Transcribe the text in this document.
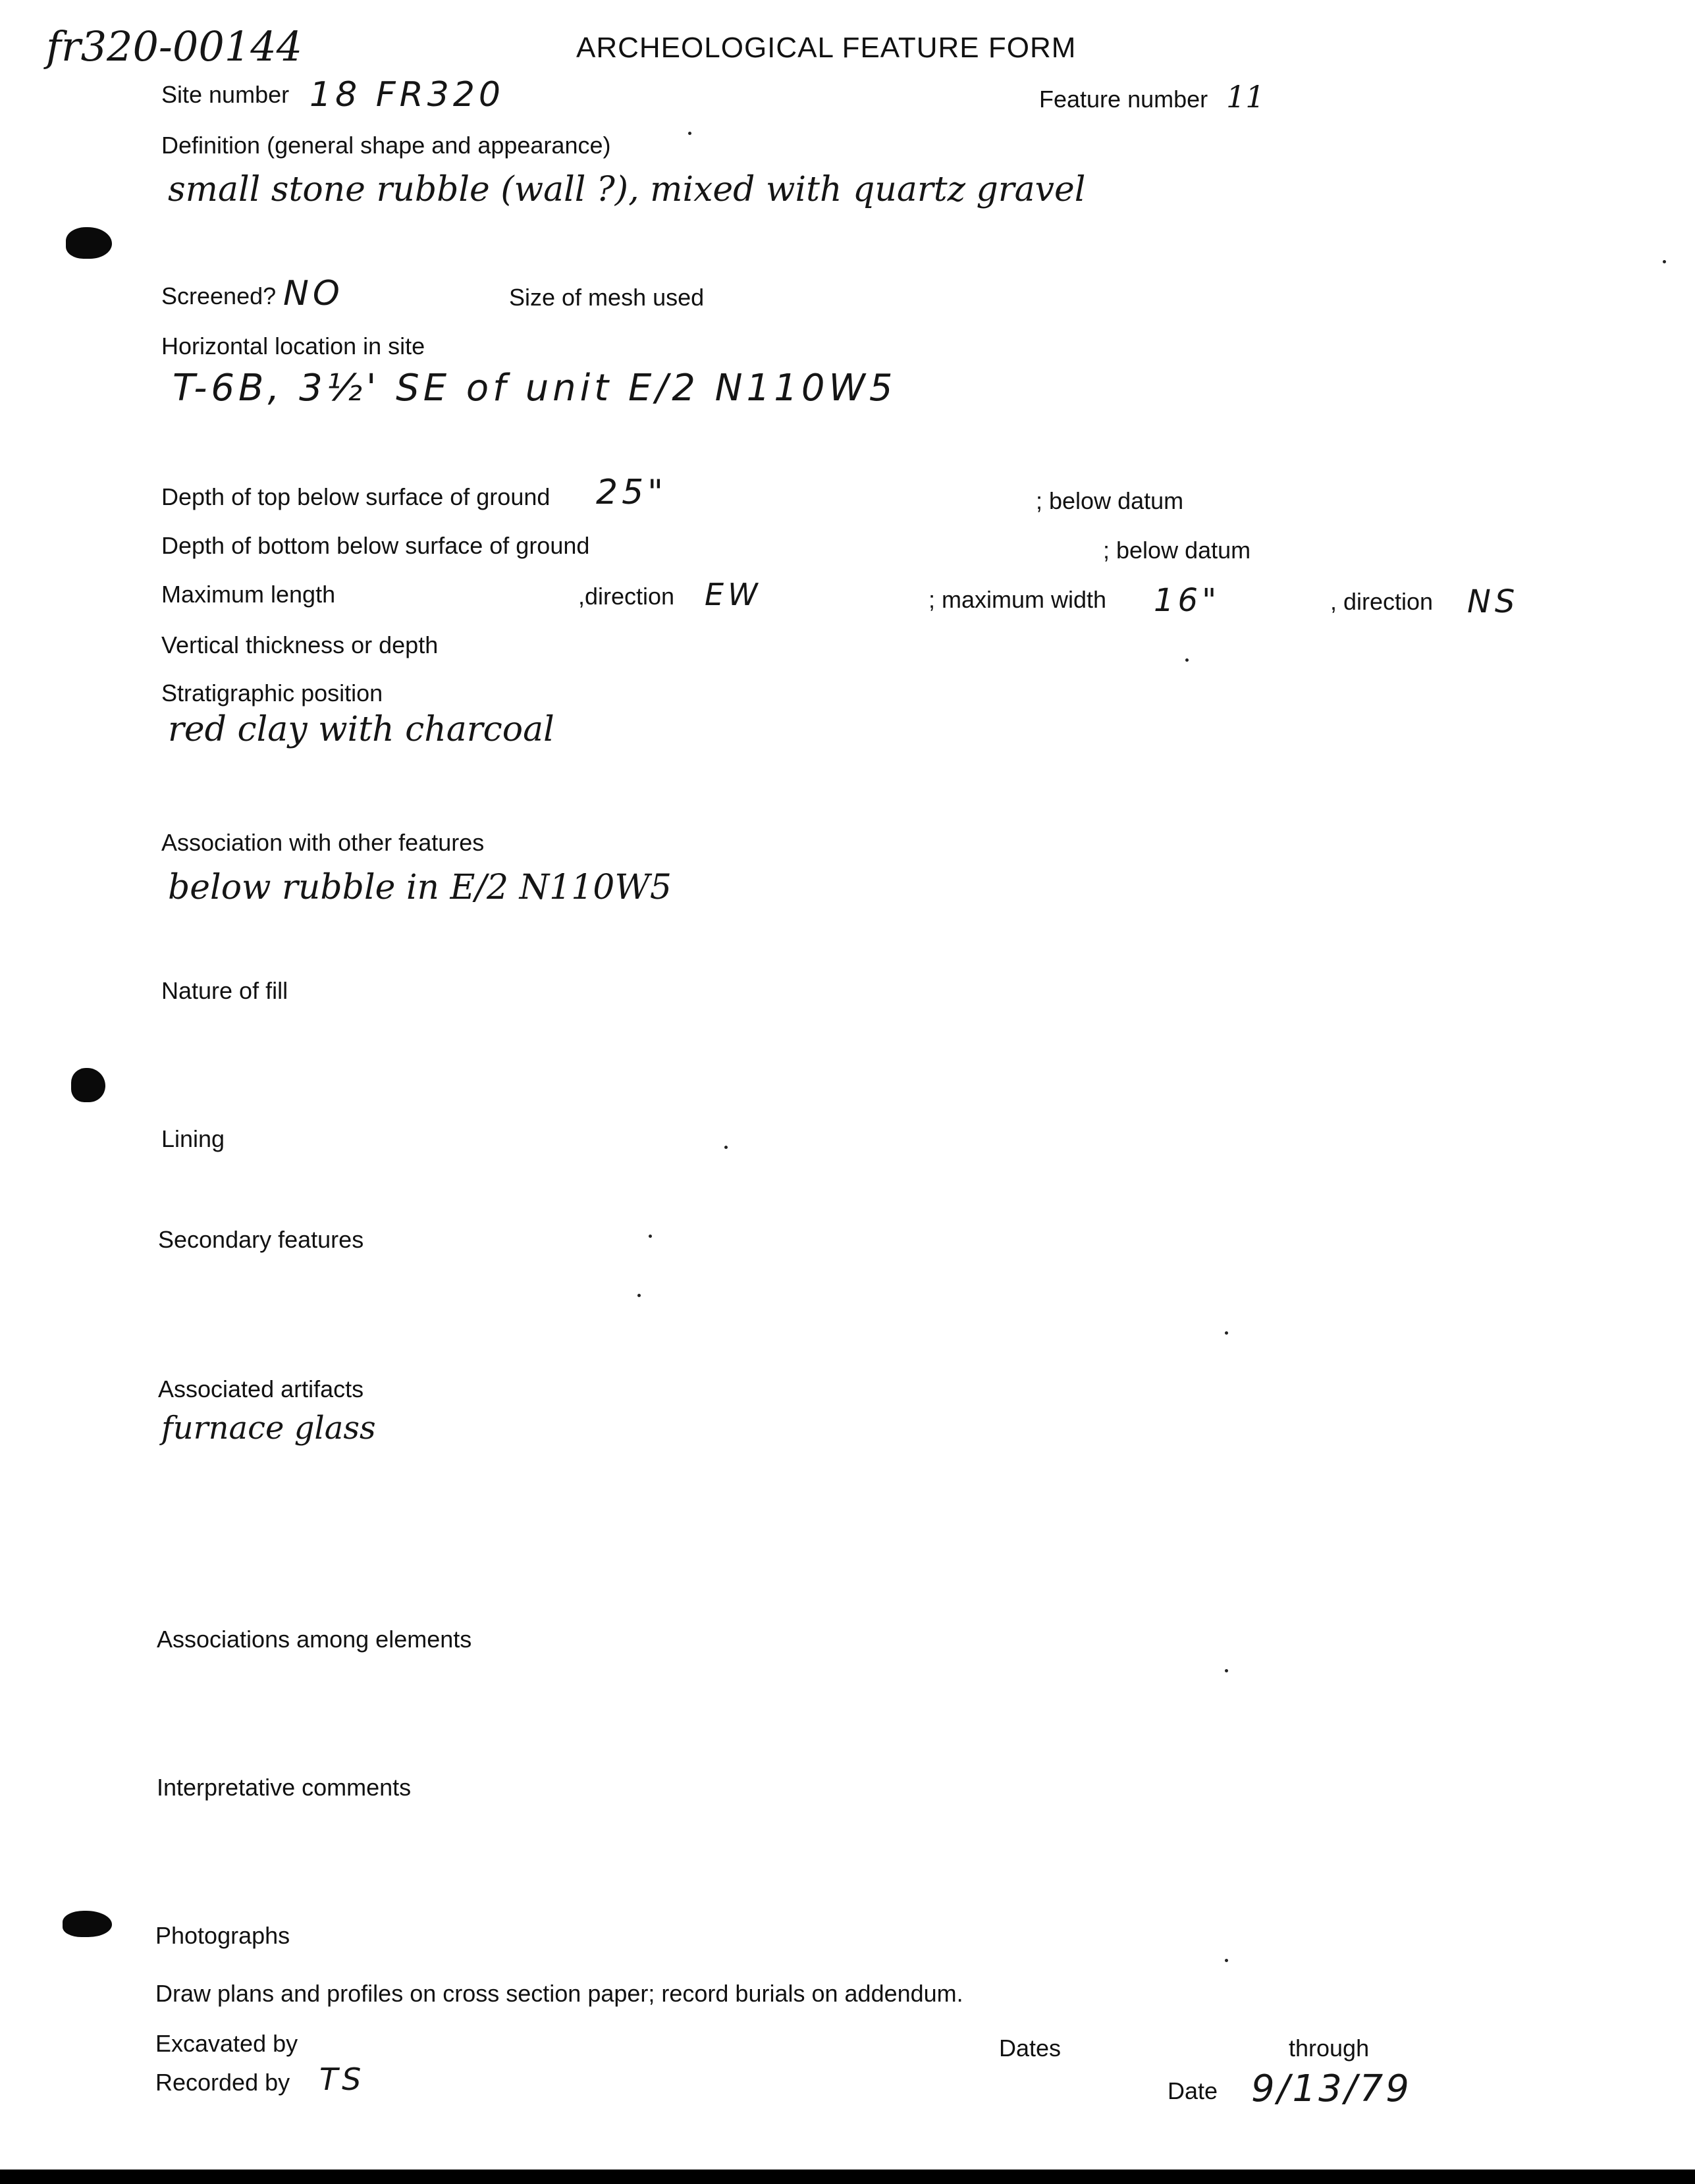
fr320-00144	ARCHEOLOGICAL FEATURE FORM
Site number 18 FR320	Feature number 11
Definition (general shape and appearance)
small stone rubble (wall ?), mixed with quartz gravel
Screened? NO	Size of mesh used
Horizontal location in site
T-6B, 3½' SE of unit E/2 N110W5
Depth of top below surface of ground 25"	; below datum
Depth of bottom below surface of ground	; below datum
Maximum length	,direction EW	; maximum width 16"	, direction NS
Vertical thickness or depth
Stratigraphic position
red clay with charcoal
Association with other features
below rubble in E/2 N110W5
Nature of fill
Lining
Secondary features
Associated artifacts
furnace glass
Associations among elements
Interpretative comments
Photographs
Draw plans and profiles on cross section paper; record burials on addendum.
Excavated by	Dates	through
Recorded by TS	Date 9/13/79
